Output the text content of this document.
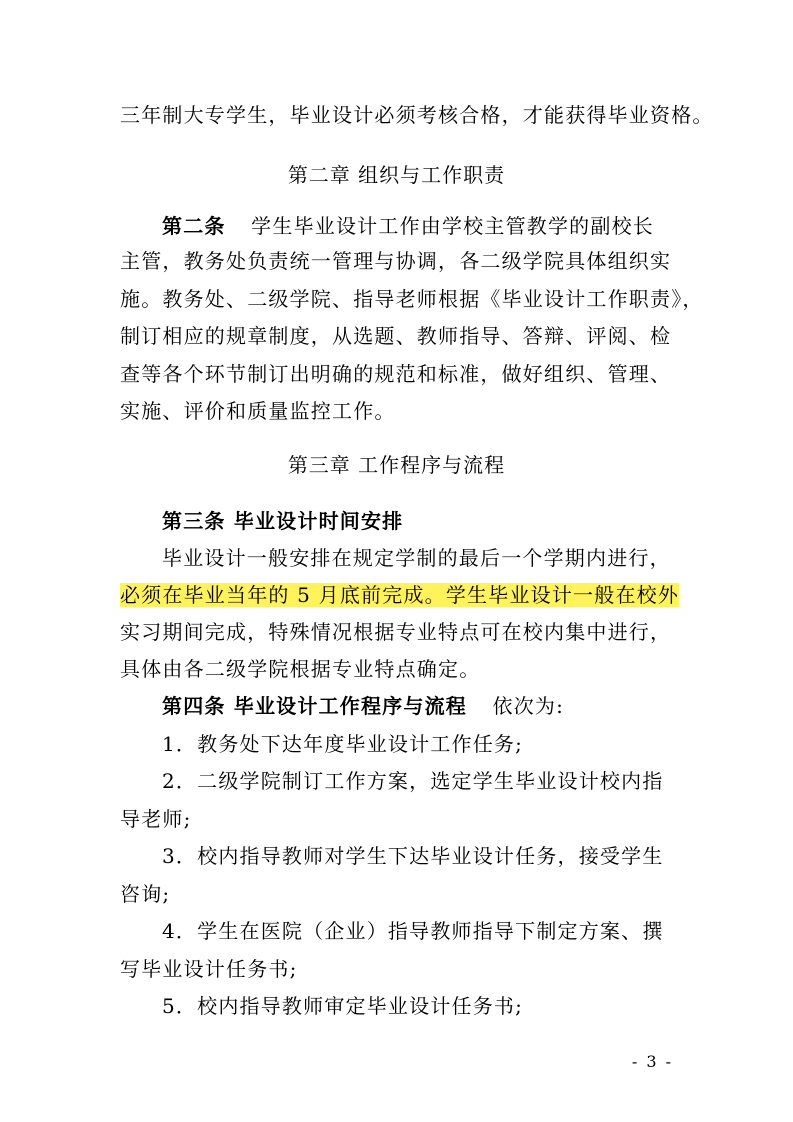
三年制大专学生，毕业设计必须考核合格，才能获得毕业资格。
第二章 组织与工作职责
第二条 学生毕业设计工作由学校主管教学的副校长
主管，教务处负责统一管理与协调，各二级学院具体组织实
施。教务处、二级学院、指导老师根据《毕业设计工作职责》，
制订相应的规章制度，从选题、教师指导、答辩、评阅、检
查等各个环节制订出明确的规范和标准，做好组织、管理、
实施、评价和质量监控工作。
第三章 工作程序与流程
第三条 毕业设计时间安排
毕业设计一般安排在规定学制的最后一个学期内进行，
必须在毕业当年的 5 月底前完成。学生毕业设计一般在校外
实习期间完成，特殊情况根据专业特点可在校内集中进行，
具体由各二级学院根据专业特点确定。
第四条 毕业设计工作程序与流程 依次为:
1．教务处下达年度毕业设计工作任务;
2．二级学院制订工作方案，选定学生毕业设计校内指
导老师;
3．校内指导教师对学生下达毕业设计任务，接受学生
咨询;
4．学生在医院（企业）指导教师指导下制定方案、撰
写毕业设计任务书;
5．校内指导教师审定毕业设计任务书;
- 3 -
